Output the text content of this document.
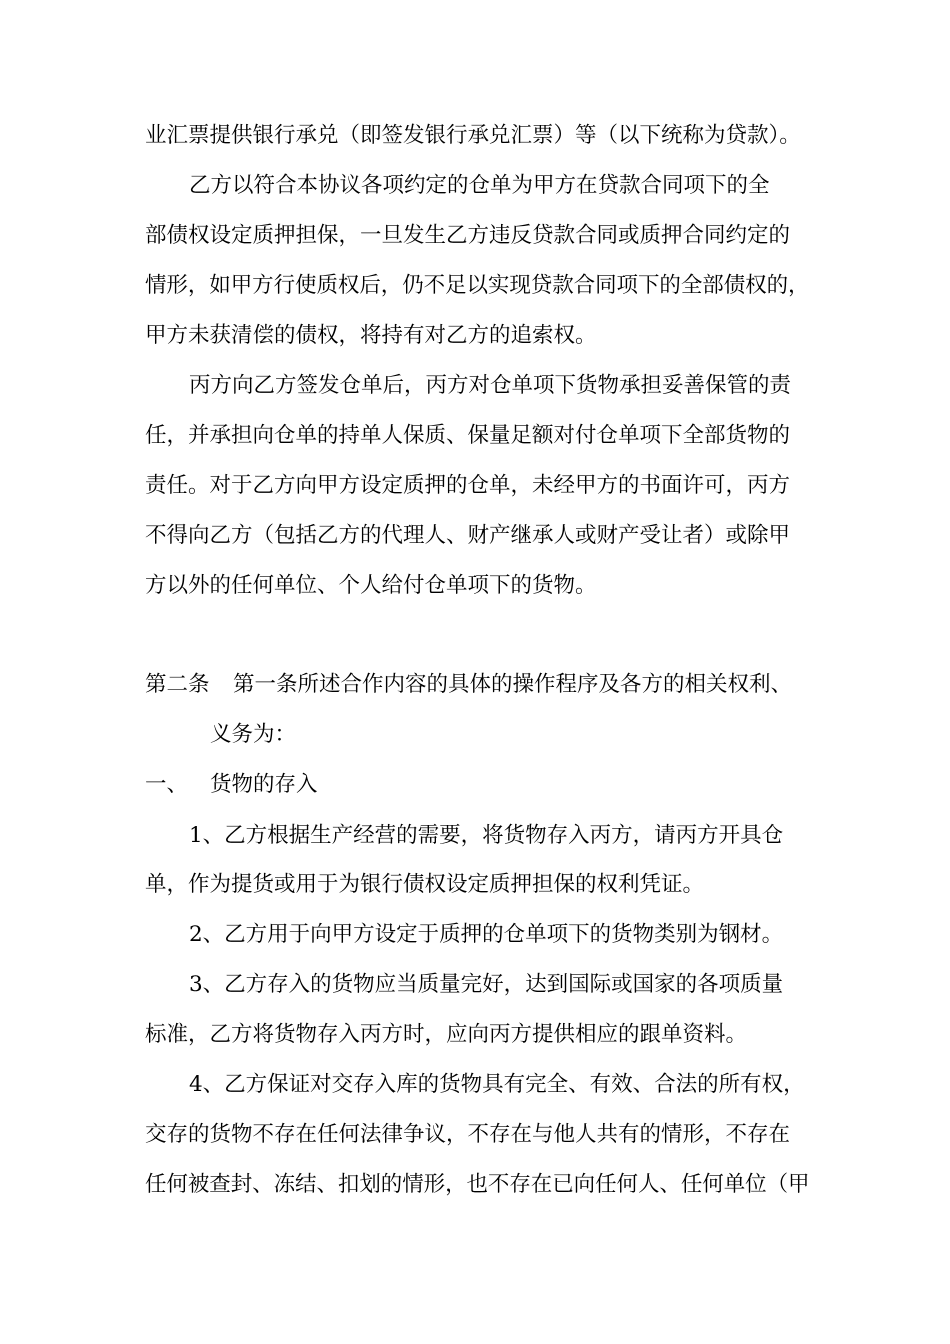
业汇票提供银行承兑（即签发银行承兑汇票）等（以下统称为贷款）。
乙方以符合本协议各项约定的仓单为甲方在贷款合同项下的全
部债权设定质押担保，一旦发生乙方违反贷款合同或质押合同约定的
情形，如甲方行使质权后，仍不足以实现贷款合同项下的全部债权的，
甲方未获清偿的债权，将持有对乙方的追索权。
丙方向乙方签发仓单后，丙方对仓单项下货物承担妥善保管的责
任，并承担向仓单的持单人保质、保量足额对付仓单项下全部货物的
责任。对于乙方向甲方设定质押的仓单，未经甲方的书面许可，丙方
不得向乙方（包括乙方的代理人、财产继承人或财产受让者）或除甲
方以外的任何单位、个人给付仓单项下的货物。
第二条 第一条所述合作内容的具体的操作程序及各方的相关权利、
义务为：
一、 货物的存入
1、乙方根据生产经营的需要，将货物存入丙方，请丙方开具仓
单，作为提货或用于为银行债权设定质押担保的权利凭证。
2、乙方用于向甲方设定于质押的仓单项下的货物类别为钢材。
3、乙方存入的货物应当质量完好，达到国际或国家的各项质量
标准，乙方将货物存入丙方时，应向丙方提供相应的跟单资料。
4、乙方保证对交存入库的货物具有完全、有效、合法的所有权，
交存的货物不存在任何法律争议，不存在与他人共有的情形，不存在
任何被查封、冻结、扣划的情形，也不存在已向任何人、任何单位（甲
